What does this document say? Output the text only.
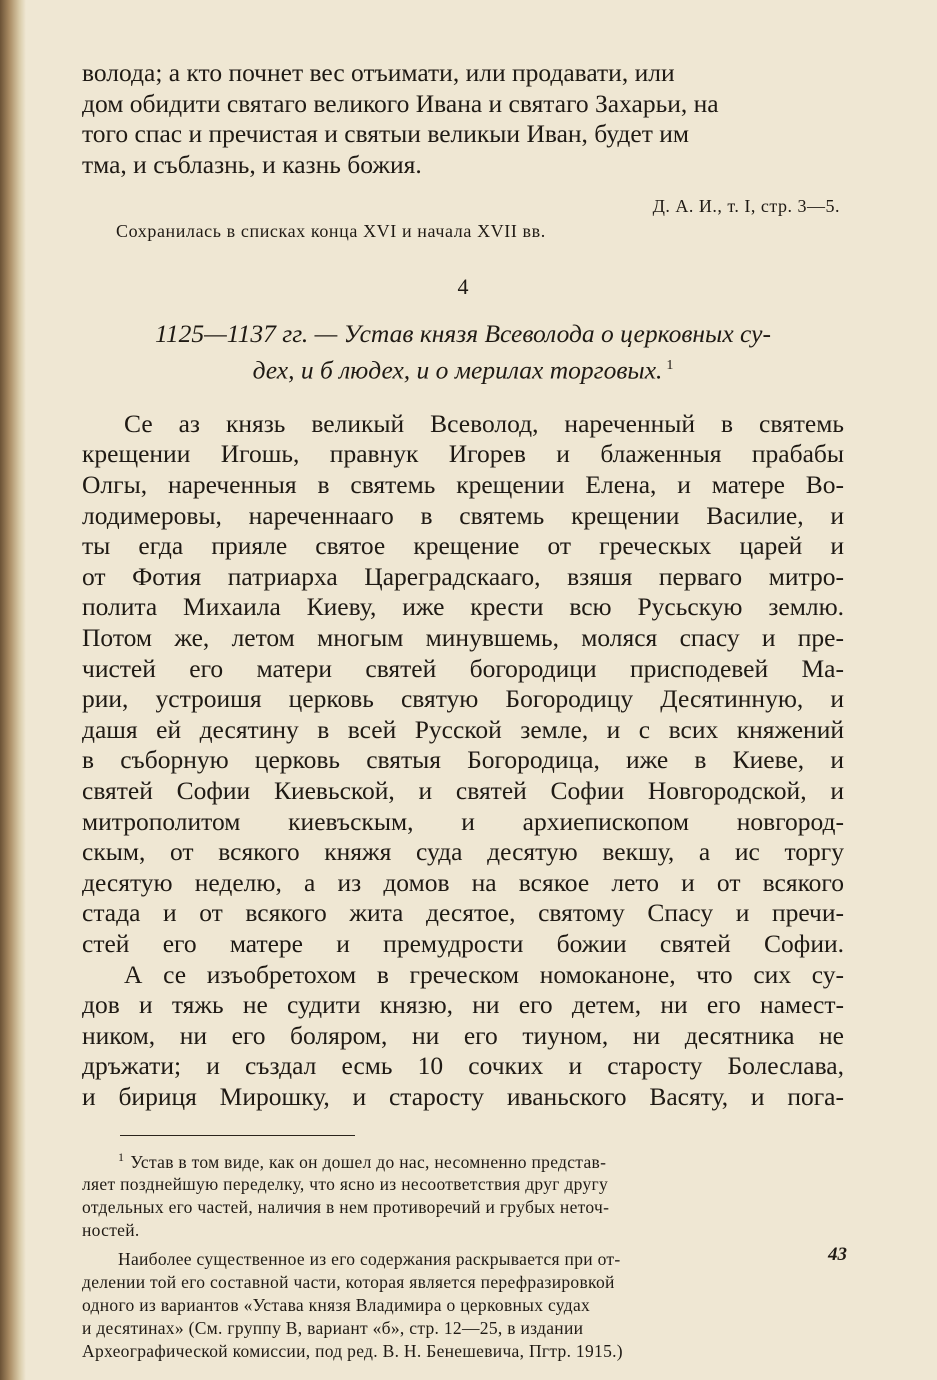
волода; а кто почнет вес отъимати, или продавати, или
дом обидити святаго великого Ивана и святаго Захарьи, на
того спас и пречистая и святыи великыи Иван, будет им
тма, и съблазнь, и казнь божия.

Д. А. И., т. I, стр. 3—5.

Сохранилась в списках конца XVI и начала XVII вв.

4

1125—1137 гг. — Устав князя Всеволода о церковных су-
дех, и б людех, и о мерилах торговых. $^1$

Се аз князь великый Всеволод, нареченный в святемь
крещении Игошь, правнук Игорев и блаженныя прабабы
Олгы, нареченныя в святемь крещении Елена, и матере Во-
лодимеровы, нареченнааго в святемь крещении Василие, и
ты егда приялe святое крещение от греческых царей и
от Фотия патриарха Цареградскааго, взяшя перваго митро-
полита Михаила Киеву, иже крести всю Русьскую землю.
Потом же, летом многым минувшемь, моляся спасу и пре-
чистей его матери святей богородици присподевей Ма-
рии, устроишя церковь святую Богородицу Десятинную, и
дашя ей десятину в всей Русской земле, и с всих княжений
в съборную церковь святыя Богородица, иже в Киеве, и
святей Софии Киевьской, и святей Софии Новгородской, и
митрополитом киевъскым, и архиепископом новгород-
скым, от всякого княжя суда десятую векшу, а ис торгу
десятую неделю, а из домов на всякое лето и от всякого
стада и от всякого жита десятое, святому Спасу и пречи-
стей его матере и премудрости божии святей Софии.

А се изъобретохом в греческом номоканоне, что сих су-
дов и тяжь не судити князю, ни его детем, ни его намест-
ником, ни его боляром, ни его тиуном, ни десятника не
дръжати; и създал есмь 10 сочких и старосту Болеслава,
и бириця Мирошку, и старосту иваньского Васяту, и пога-

$^1$ Устав в том виде, как он дошел до нас, несомненно представ-
ляет позднейшую переделку, что ясно из несоответствия друг другу
отдельных его частей, наличия в нем противоречий и грубых неточ-
ностей.

Наиболее существенное из его содержания раскрывается при от-
делении той его составной части, которая является перефразировкой
одного из вариантов «Устава князя Владимира о церковных судах
и десятинах» (См. группу В, вариант «б», стр. 12—25, в издании
Археографической комиссии, под ред. В. Н. Бенешевича, Пгтр. 1915.)

43
